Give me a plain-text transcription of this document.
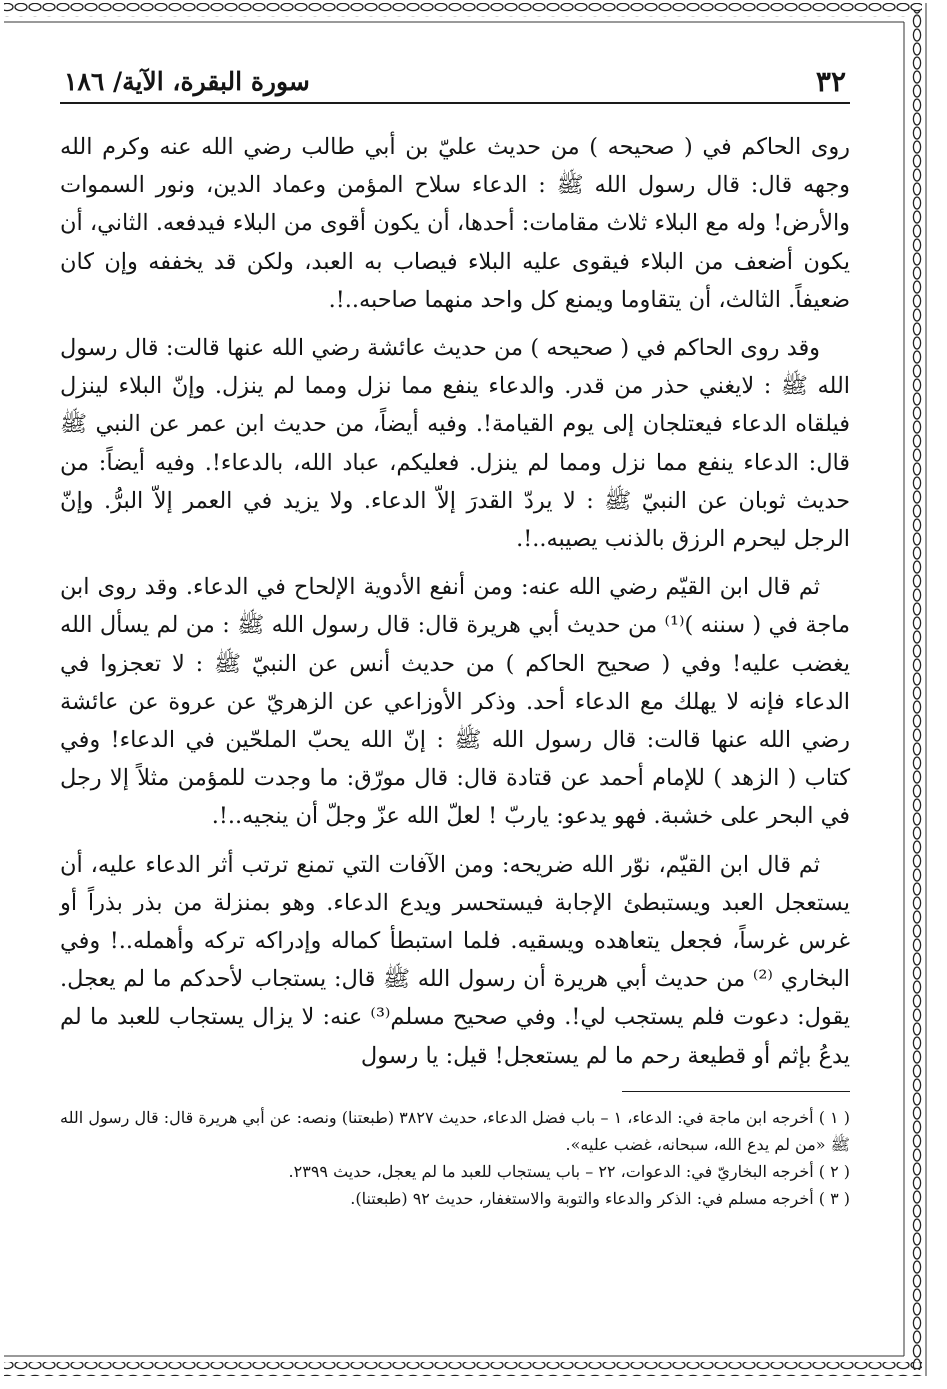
٣٢
سورة البقرة، الآية/ ١٨٦

روى الحاكم في ( صحيحه ) من حديث عليّ بن أبي طالب رضي الله عنه وكرم الله وجهه قال: قال رسول الله ﷺ : الدعاء سلاح المؤمن وعماد الدين، ونور السموات والأرض! وله مع البلاء ثلاث مقامات: أحدها، أن يكون أقوى من البلاء فيدفعه. الثاني، أن يكون أضعف من البلاء فيقوى عليه البلاء فيصاب به العبد، ولكن قد يخففه وإن كان ضعيفاً. الثالث، أن يتقاوما ويمنع كل واحد منهما صاحبه..!.

وقد روى الحاكم في ( صحيحه ) من حديث عائشة رضي الله عنها قالت: قال رسول الله ﷺ : لايغني حذر من قدر. والدعاء ينفع مما نزل ومما لم ينزل. وإنّ البلاء لينزل فيلقاه الدعاء فيعتلجان إلى يوم القيامة!. وفيه أيضاً، من حديث ابن عمر عن النبي ﷺ قال: الدعاء ينفع مما نزل ومما لم ينزل. فعليكم، عباد الله، بالدعاء!. وفيه أيضاً: من حديث ثوبان عن النبيّ ﷺ : لا يردّ القدرَ إلاّ الدعاء. ولا يزيد في العمر إلاّ البرُّ. وإنّ الرجل ليحرم الرزق بالذنب يصيبه..!.

ثم قال ابن القيّم رضي الله عنه: ومن أنفع الأدوية الإلحاح في الدعاء. وقد روى ابن ماجة في ( سننه )⁽¹⁾ من حديث أبي هريرة قال: قال رسول الله ﷺ : من لم يسأل الله يغضب عليه! وفي ( صحيح الحاكم ) من حديث أنس عن النبيّ ﷺ : لا تعجزوا في الدعاء فإنه لا يهلك مع الدعاء أحد. وذكر الأوزاعي عن الزهريّ عن عروة عن عائشة رضي الله عنها قالت: قال رسول الله ﷺ : إنّ الله يحبّ الملحّين في الدعاء! وفي كتاب ( الزهد ) للإمام أحمد عن قتادة قال: قال مورّق: ما وجدت للمؤمن مثلاً إلا رجل في البحر على خشبة. فهو يدعو: ياربّ ! لعلّ الله عزّ وجلّ أن ينجيه..!.

ثم قال ابن القيّم، نوّر الله ضريحه: ومن الآفات التي تمنع ترتب أثر الدعاء عليه، أن يستعجل العبد ويستبطئ الإجابة فيستحسر ويدع الدعاء. وهو بمنزلة من بذر بذراً أو غرس غرساً، فجعل يتعاهده ويسقيه. فلما استبطأ كماله وإدراكه تركه وأهمله..! وفي البخاري ⁽²⁾ من حديث أبي هريرة أن رسول الله ﷺ قال: يستجاب لأحدكم ما لم يعجل. يقول: دعوت فلم يستجب لي!. وفي صحيح مسلم⁽³⁾ عنه: لا يزال يستجاب للعبد ما لم يدعُ بإثم أو قطيعة رحم ما لم يستعجل! قيل: يا رسول

( ١ ) أخرجه ابن ماجة في: الدعاء، ١ – باب فضل الدعاء، حديث ٣٨٢٧ (طبعتنا) ونصه: عن أبي هريرة قال: قال رسول الله ﷺ «من لم يدع الله، سبحانه، غضب عليه».

( ٢ ) أخرجه البخاريّ في: الدعوات، ٢٢ – باب يستجاب للعبد ما لم يعجل، حديث ٢٣٩٩.

( ٣ ) أخرجه مسلم في: الذكر والدعاء والتوبة والاستغفار، حديث ٩٢ (طبعتنا).
